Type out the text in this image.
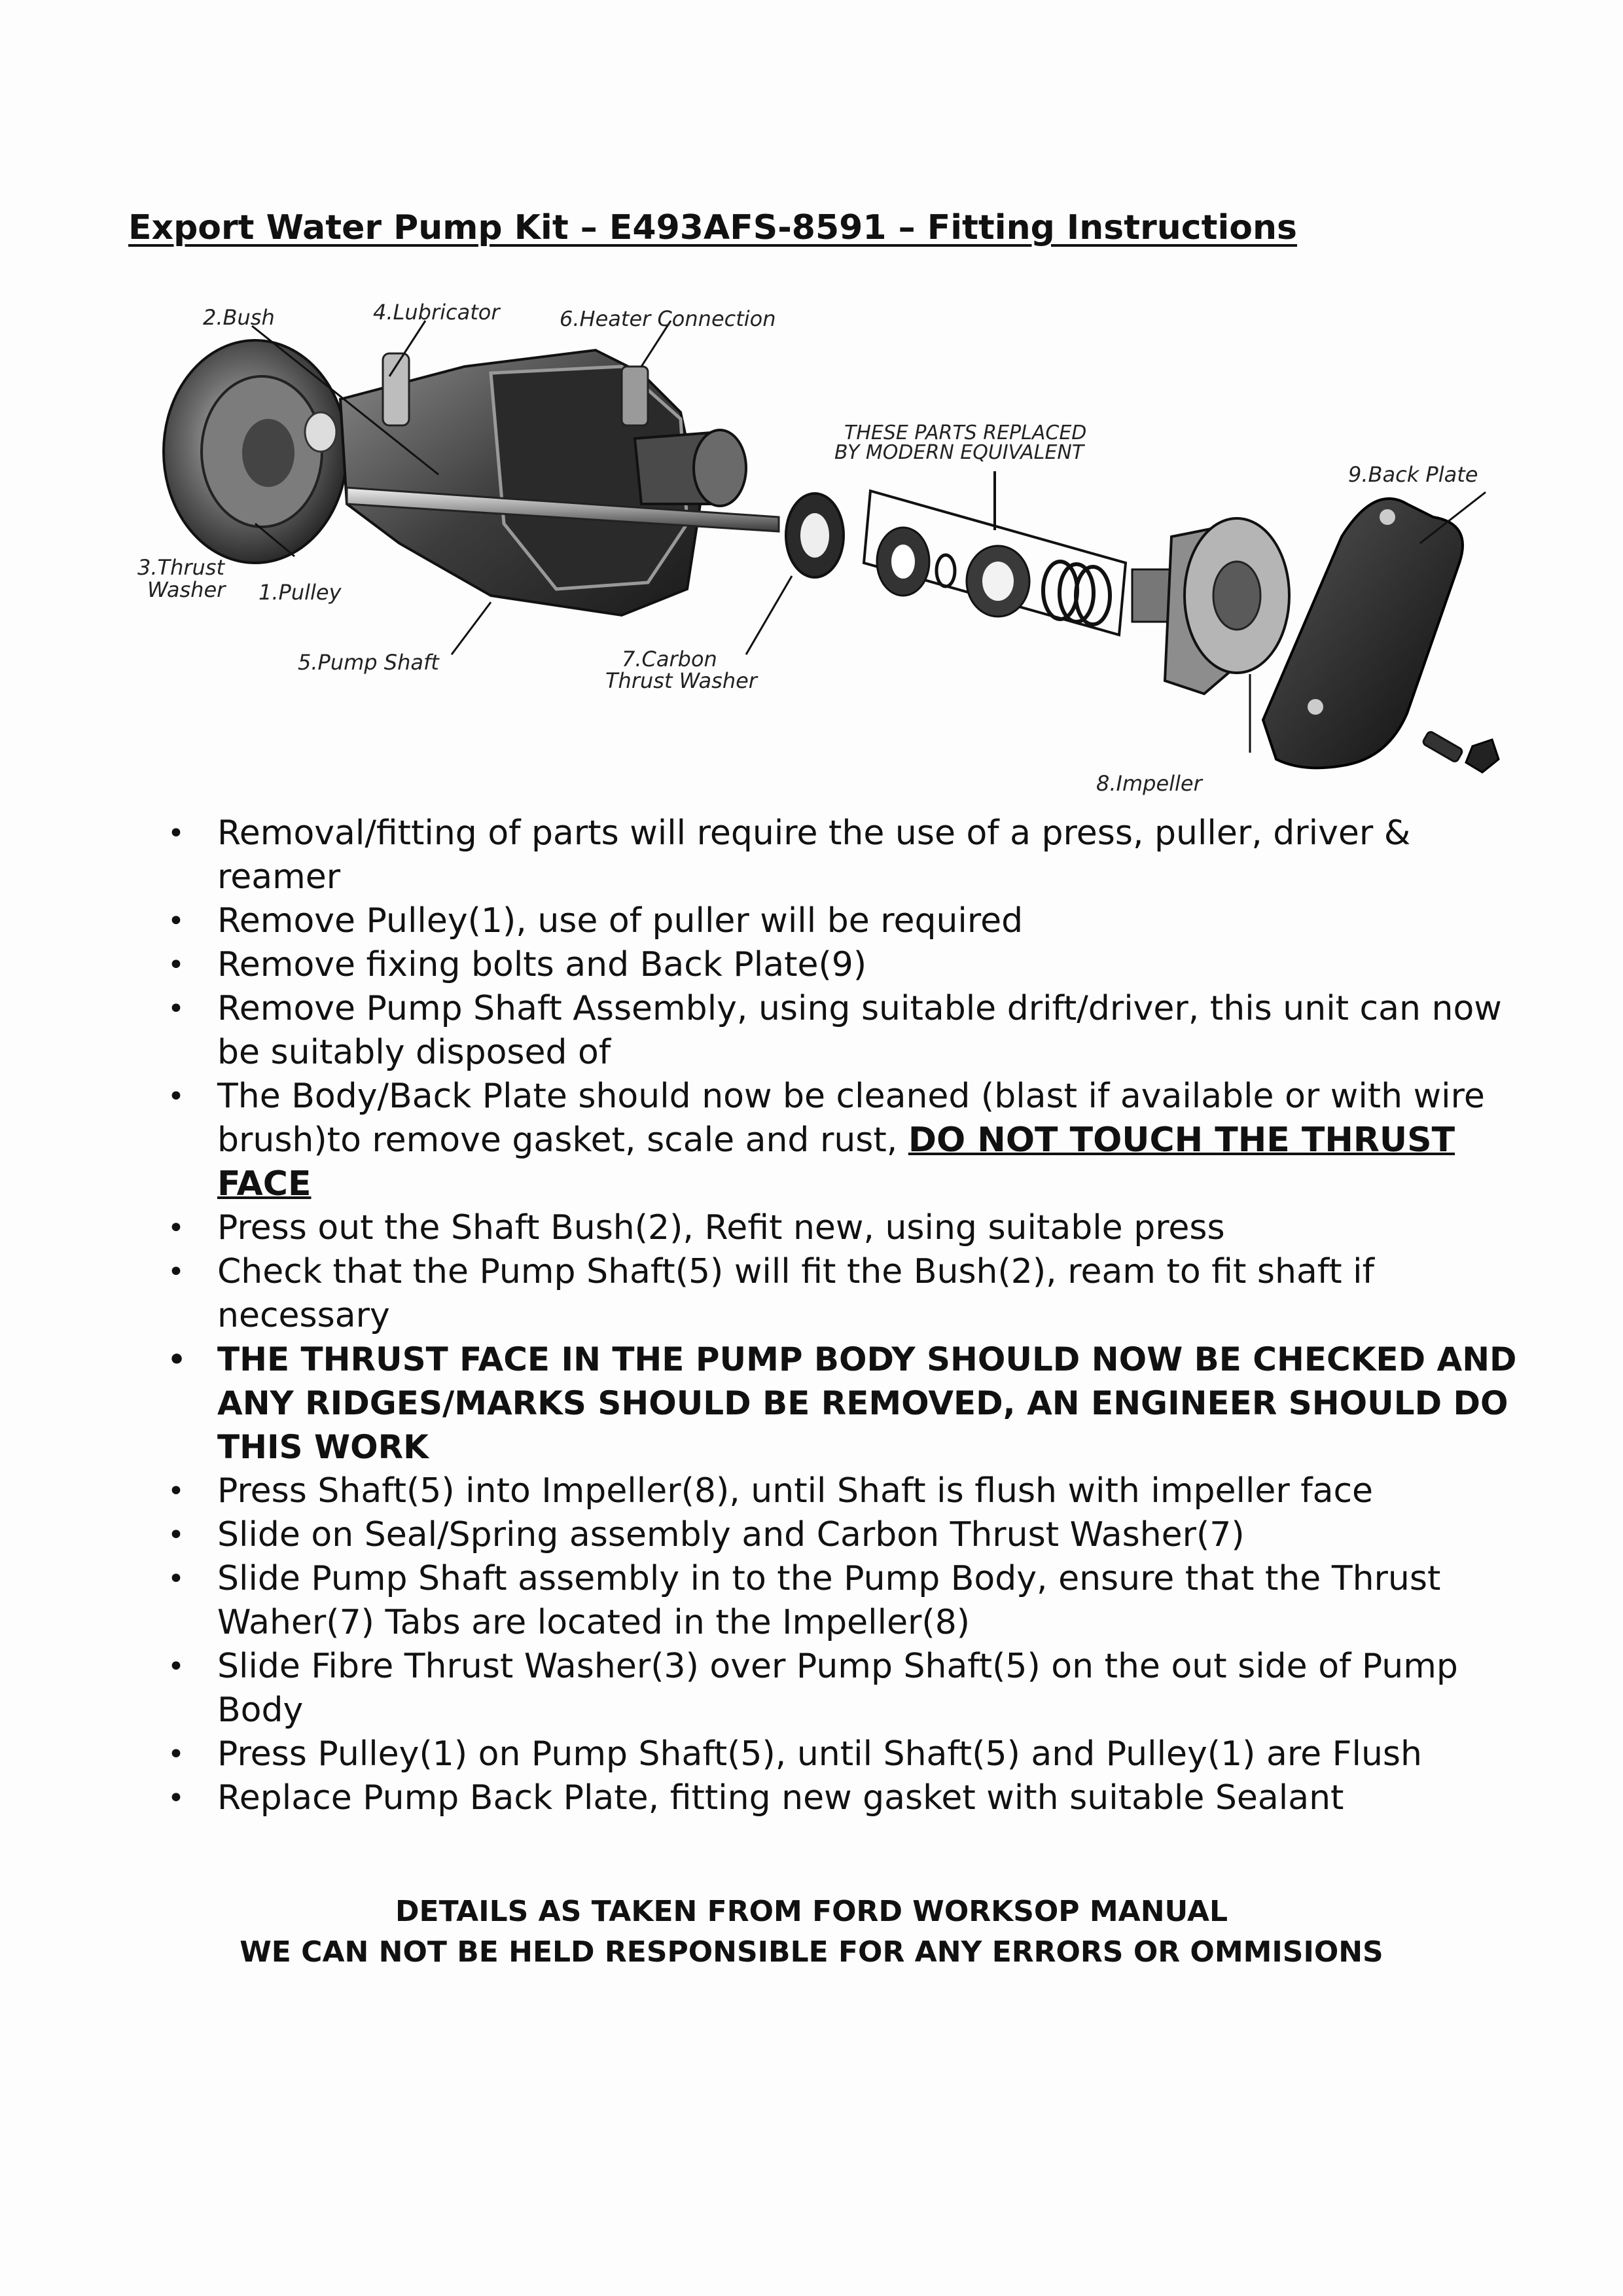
Export Water Pump Kit – E493AFS-8591 – Fitting Instructions
2.Bush	4.Lubricator	6.Heater Connection
THESE PARTS REPLACED
BY MODERN EQUIVALENT
9.Back Plate
3.Thrust
Washer 1.Pulley
5.Pump Shaft	7.Carbon
Thrust Washer
8.Impeller
• Removal/fitting of parts will require the use of a press, puller, driver & reamer
• Remove Pulley(1), use of puller will be required
• Remove fixing bolts and Back Plate(9)
• Remove Pump Shaft Assembly, using suitable drift/driver, this unit can now be suitably disposed of
• The Body/Back Plate should now be cleaned (blast if available or with wire brush)to remove gasket, scale and rust, DO NOT TOUCH THE THRUST FACE
• Press out the Shaft Bush(2), Refit new, using suitable press
• Check that the Pump Shaft(5) will fit the Bush(2), ream to fit shaft if necessary
• THE THRUST FACE IN THE PUMP BODY SHOULD NOW BE CHECKED AND ANY RIDGES/MARKS SHOULD BE REMOVED, AN ENGINEER SHOULD DO THIS WORK
• Press Shaft(5) into Impeller(8), until Shaft is flush with impeller face
• Slide on Seal/Spring assembly and Carbon Thrust Washer(7)
• Slide Pump Shaft assembly in to the Pump Body, ensure that the Thrust Waher(7) Tabs are located in the Impeller(8)
• Slide Fibre Thrust Washer(3) over Pump Shaft(5) on the out side of Pump Body
• Press Pulley(1) on Pump Shaft(5), until Shaft(5) and Pulley(1) are Flush
• Replace Pump Back Plate, fitting new gasket with suitable Sealant
DETAILS AS TAKEN FROM FORD WORKSOP MANUAL
WE CAN NOT BE HELD RESPONSIBLE FOR ANY ERRORS OR OMMISIONS
